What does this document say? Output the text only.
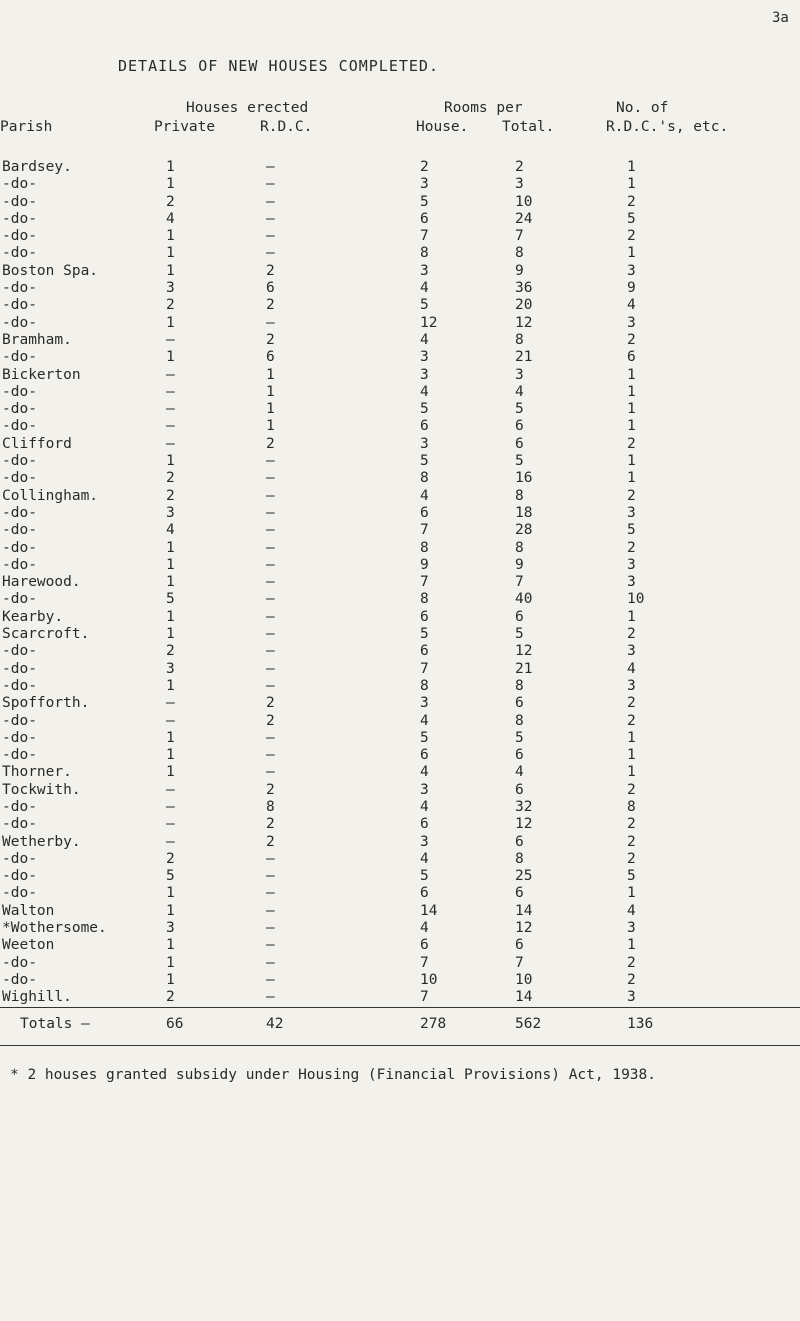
3a
DETAILS OF NEW HOUSES COMPLETED.
Houses erected	Rooms per	No. of
Parish	Private	R.D.C.	House. Total.	R.D.C.'s, etc.
Bardsey.	1	–	2	2	1
-do-	1	–	3	3	1
-do-	2	–	5	10	2
-do-	4	–	6	24	5
-do-	1	–	7	7	2
-do-	1	–	8	8	1
Boston Spa.	1	2	3	9	3
-do-	3	6	4	36	9
-do-	2	2	5	20	4
-do-	1	–	12	12	3
Bramham.	–	2	4	8	2
-do-	1	6	3	21	6
Bickerton	–	1	3	3	1
-do-	–	1	4	4	1
-do-	–	1	5	5	1
-do-	–	1	6	6	1
Clifford	–	2	3	6	2
-do-	1	–	5	5	1
-do-	2	–	8	16	1
Collingham.	2	–	4	8	2
-do-	3	–	6	18	3
-do-	4	–	7	28	5
-do-	1	–	8	8	2
-do-	1	–	9	9	3
Harewood.	1	–	7	7	3
-do-	5	–	8	40	10
Kearby.	1	–	6	6	1
Scarcroft.	1	–	5	5	2
-do-	2	–	6	12	3
-do-	3	–	7	21	4
-do-	1	–	8	8	3
Spofforth.	–	2	3	6	2
-do-	–	2	4	8	2
-do-	1	–	5	5	1
-do-	1	–	6	6	1
Thorner.	1	–	4	4	1
Tockwith.	–	2	3	6	2
-do-	–	8	4	32	8
-do-	–	2	6	12	2
Wetherby.	–	2	3	6	2
-do-	2	–	4	8	2
-do-	5	–	5	25	5
-do-	1	–	6	6	1
Walton	1	–	14	14	4
*Wothersome.	3	–	4	12	3
Weeton	1	–	6	6	1
-do-	1	–	7	7	2
-do-	1	–	10	10	2
Wighill.	2	–	7	14	3
Totals –	66	42	278	562	136
* 2 houses granted subsidy under Housing (Financial Provisions) Act, 1938.
